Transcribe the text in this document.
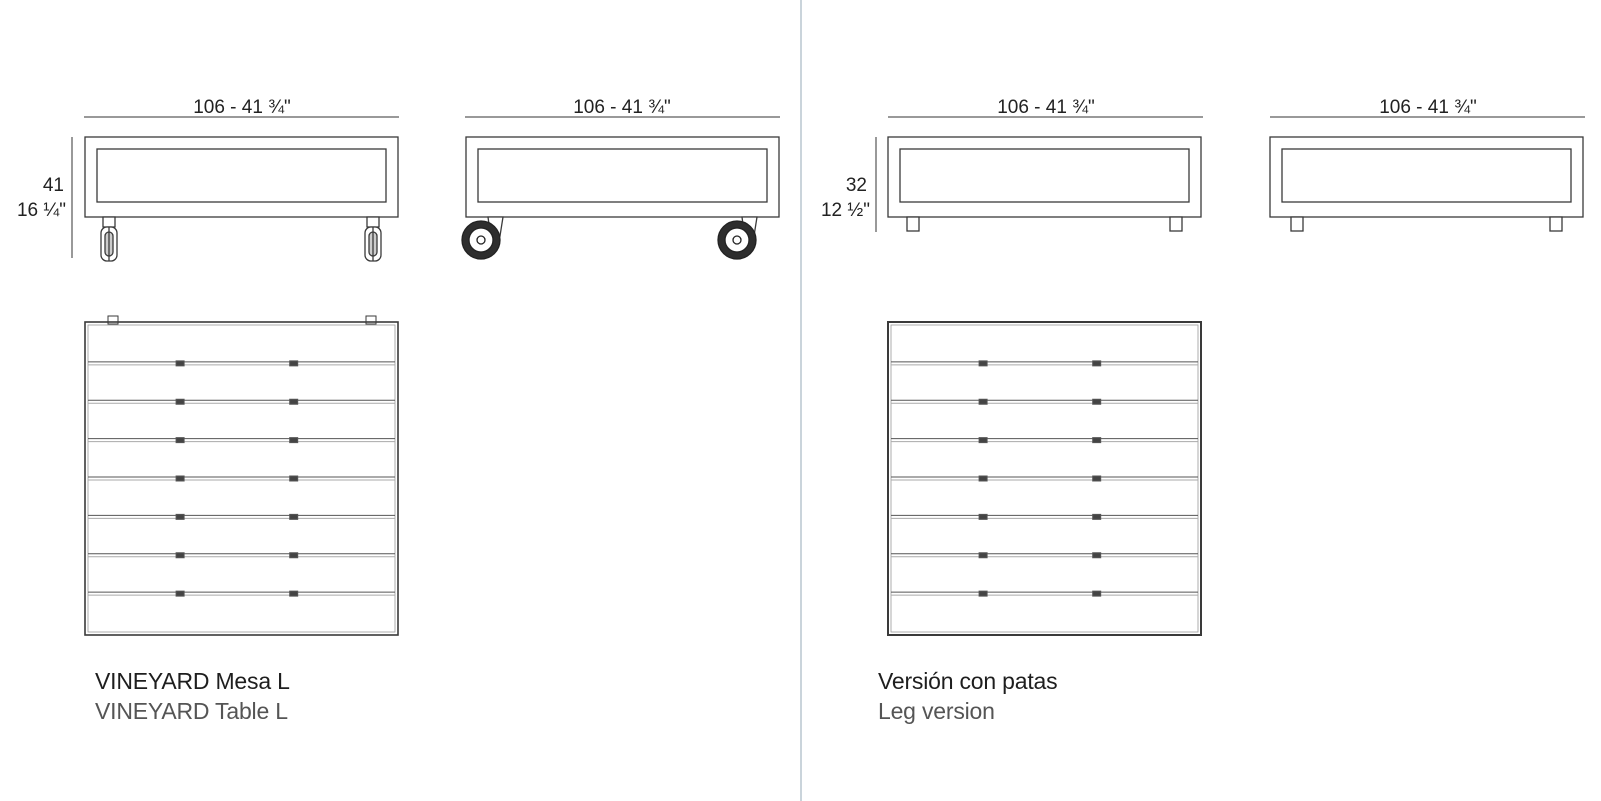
106 - 41 ¾"	106 - 41 ¾"
41
16 ¼"
106 - 41 ¾"	106 - 41 ¾"
32
12 ½"
VINEYARD Mesa L
VINEYARD Table L
Versión con patas
Leg version
